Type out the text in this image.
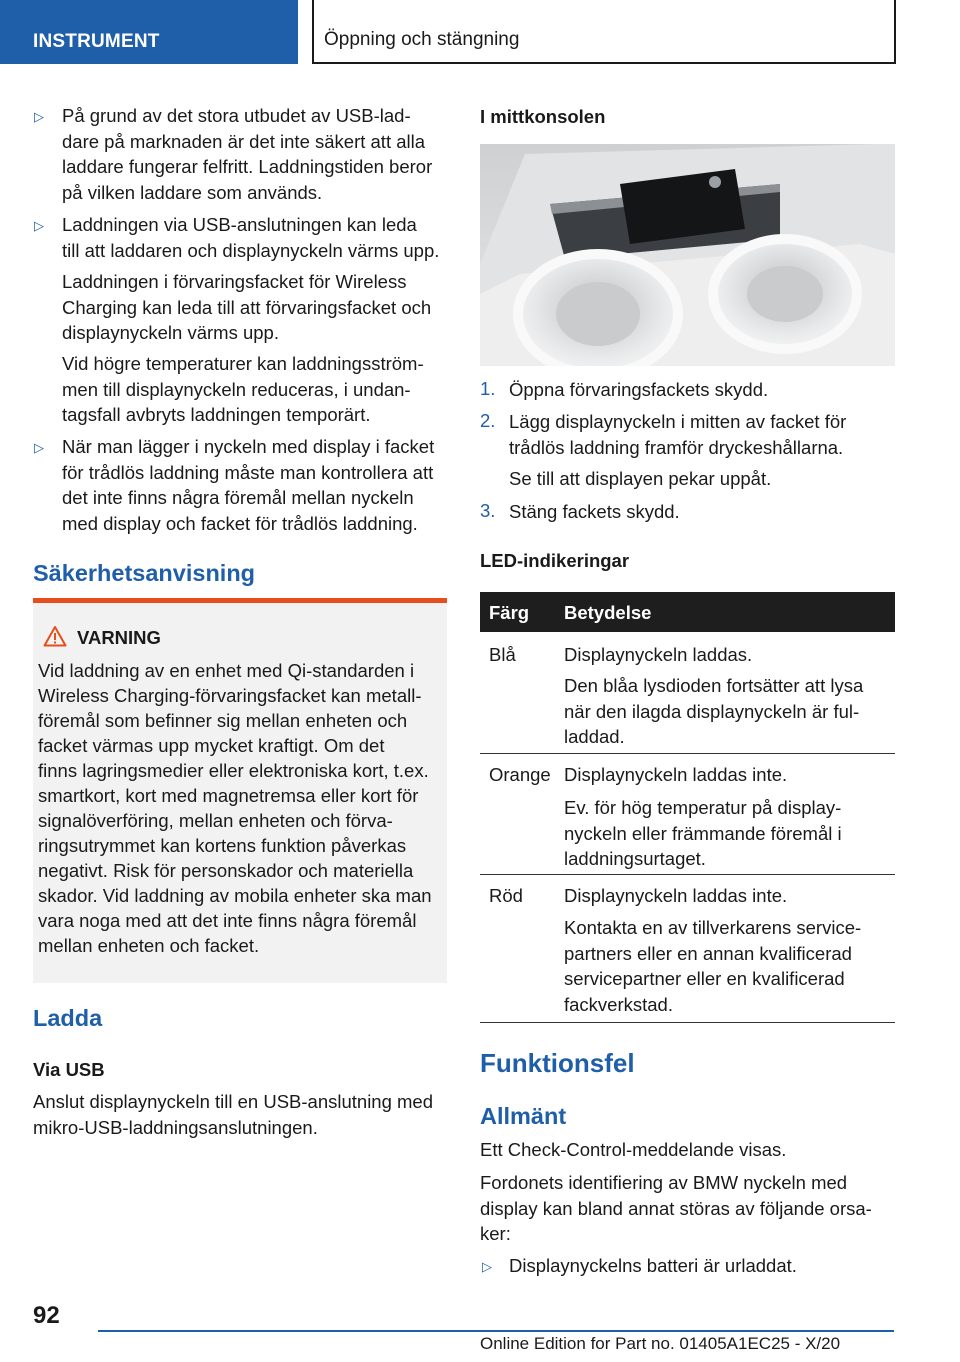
INSTRUMENT	Öppning och stängning
▷ På grund av det stora utbudet av USB-lad-
dare på marknaden är det inte säkert att alla
laddare fungerar felfritt. Laddningstiden beror
på vilken laddare som används.
▷ Laddningen via USB-anslutningen kan leda
till att laddaren och displaynyckeln värms upp.
Laddningen i förvaringsfacket för Wireless
Charging kan leda till att förvaringsfacket och
displaynyckeln värms upp.
Vid högre temperaturer kan laddningsström-
men till displaynyckeln reduceras, i undan-
tagsfall avbryts laddningen temporärt.
▷ När man lägger i nyckeln med display i facket
för trådlös laddning måste man kontrollera att
det inte finns några föremål mellan nyckeln
med display och facket för trådlös laddning.
Säkerhetsanvisning
VARNING
Vid laddning av en enhet med Qi-standarden i
Wireless Charging-förvaringsfacket kan metall-
föremål som befinner sig mellan enheten och
facket värmas upp mycket kraftigt. Om det
finns lagringsmedier eller elektroniska kort, t.ex.
smartkort, kort med magnetremsa eller kort för
signalöverföring, mellan enheten och förva-
ringsutrymmet kan kortens funktion påverkas
negativt. Risk för personskador och materiella
skador. Vid laddning av mobila enheter ska man
vara noga med att det inte finns några föremål
mellan enheten och facket.
Ladda
Via USB
Anslut displaynyckeln till en USB-anslutning med
mikro-USB-laddningsanslutningen.
I mittkonsolen
1. Öppna förvaringsfackets skydd.
2. Lägg displaynyckeln i mitten av facket för
trådlös laddning framför dryckeshållarna.
Se till att displayen pekar uppåt.
3. Stäng fackets skydd.
LED-indikeringar
Färg Betydelse
Blå	Displaynyckeln laddas.
Den blåa lysdioden fortsätter att lysa
när den ilagda displaynyckeln är ful-
laddad.
Orange Displaynyckeln laddas inte.
Ev. för hög temperatur på display-
nyckeln eller främmande föremål i
laddningsurtaget.
Röd Displaynyckeln laddas inte.
Kontakta en av tillverkarens service-
partners eller en annan kvalificerad
servicepartner eller en kvalificerad
fackverkstad.
Funktionsfel
Allmänt
Ett Check-Control-meddelande visas.
Fordonets identifiering av BMW nyckeln med
display kan bland annat störas av följande orsa-
ker:
▷ Displaynyckelns batteri är urladdat.
92
Online Edition for Part no. 01405A1EC25 - X/20
